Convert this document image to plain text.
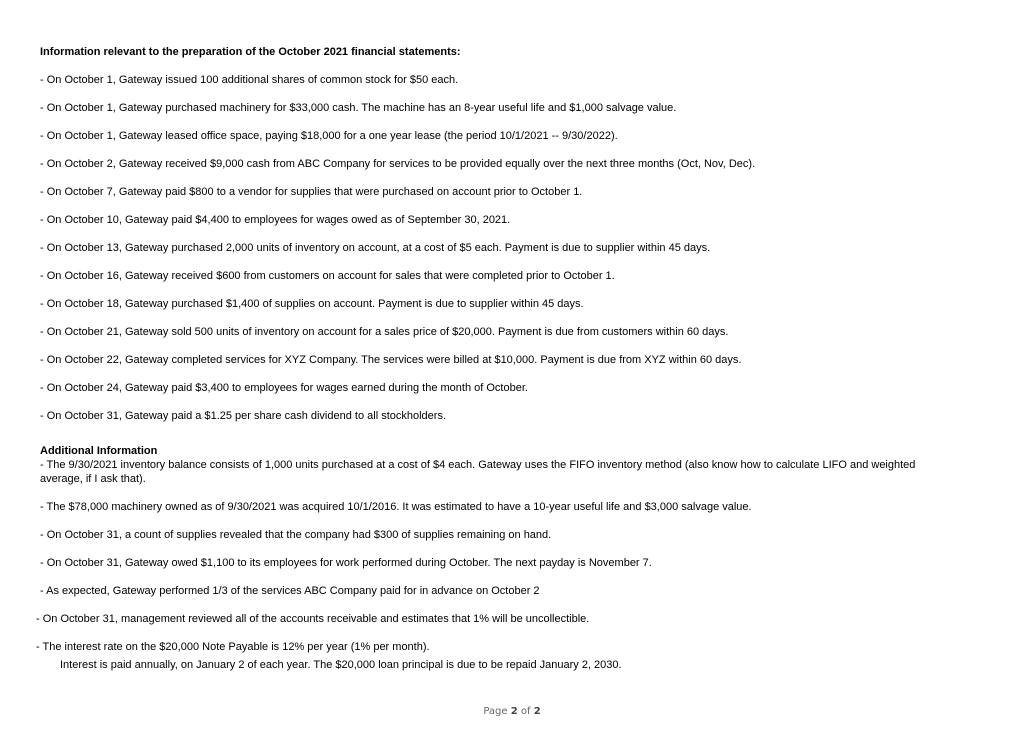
Information relevant to the preparation of the October 2021 financial statements:
- On October 1, Gateway issued 100 additional shares of common stock for $50 each.
- On October 1, Gateway purchased machinery for $33,000 cash. The machine has an 8-year useful life and $1,000 salvage value.
- On October 1, Gateway leased office space, paying $18,000 for a one year lease (the period 10/1/2021 -- 9/30/2022).
- On October 2, Gateway received $9,000 cash from ABC Company for services to be provided equally over the next three months (Oct, Nov, Dec).
- On October 7, Gateway paid $800 to a vendor for supplies that were purchased on account prior to October 1.
- On October 10, Gateway paid $4,400 to employees for wages owed as of September 30, 2021.
- On October 13, Gateway purchased 2,000 units of inventory on account, at a cost of $5 each. Payment is due to supplier within 45 days.
- On October 16, Gateway received $600 from customers on account for sales that were completed prior to October 1.
- On October 18, Gateway purchased $1,400 of supplies on account. Payment is due to supplier within 45 days.
- On October 21, Gateway sold 500 units of inventory on account for a sales price of $20,000. Payment is due from customers within 60 days.
- On October 22, Gateway completed services for XYZ Company. The services were billed at $10,000. Payment is due from XYZ within 60 days.
- On October 24, Gateway paid $3,400 to employees for wages earned during the month of October.
- On October 31, Gateway paid a $1.25 per share cash dividend to all stockholders.
Additional Information
- The 9/30/2021 inventory balance consists of 1,000 units purchased at a cost of $4 each. Gateway uses the FIFO inventory method (also know how to calculate LIFO and weighted average, if I ask that).
- The $78,000 machinery owned as of 9/30/2021 was acquired 10/1/2016. It was estimated to have a 10-year useful life and $3,000 salvage value.
- On October 31, a count of supplies revealed that the company had $300 of supplies remaining on hand.
- On October 31, Gateway owed $1,100 to its employees for work performed during October. The next payday is November 7.
- As expected, Gateway performed 1/3 of the services ABC Company paid for in advance on October 2
- On October 31, management reviewed all of the accounts receivable and estimates that 1% will be uncollectible.
- The interest rate on the $20,000 Note Payable is 12% per year (1% per month).
Interest is paid annually, on January 2 of each year. The $20,000 loan principal is due to be repaid January 2, 2030.
Page 2 of 2
